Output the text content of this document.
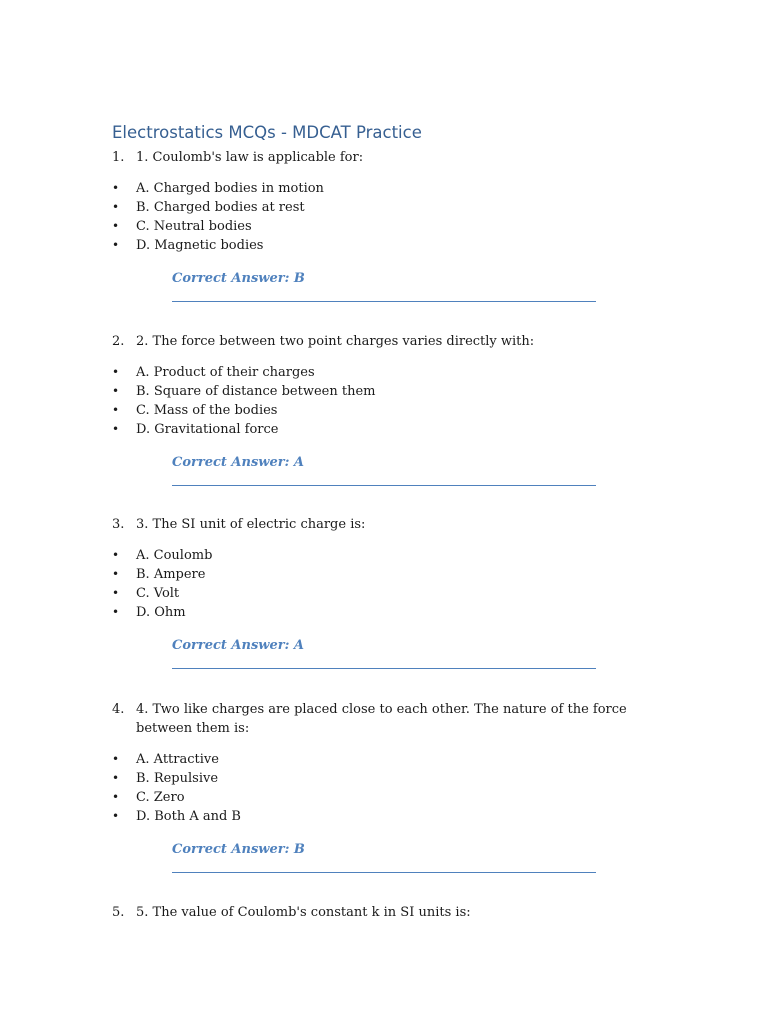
Electrostatics MCQs - MDCAT Practice
1. 1. Coulomb's law is applicable for:
• A. Charged bodies in motion
• B. Charged bodies at rest
• C. Neutral bodies
• D. Magnetic bodies
Correct Answer: B
2. 2. The force between two point charges varies directly with:
• A. Product of their charges
• B. Square of distance between them
• C. Mass of the bodies
• D. Gravitational force
Correct Answer: A
3. 3. The SI unit of electric charge is:
• A. Coulomb
• B. Ampere
• C. Volt
• D. Ohm
Correct Answer: A
4. 4. Two like charges are placed close to each other. The nature of the force between them is:
• A. Attractive
• B. Repulsive
• C. Zero
• D. Both A and B
Correct Answer: B
5. 5. The value of Coulomb's constant k in SI units is:
